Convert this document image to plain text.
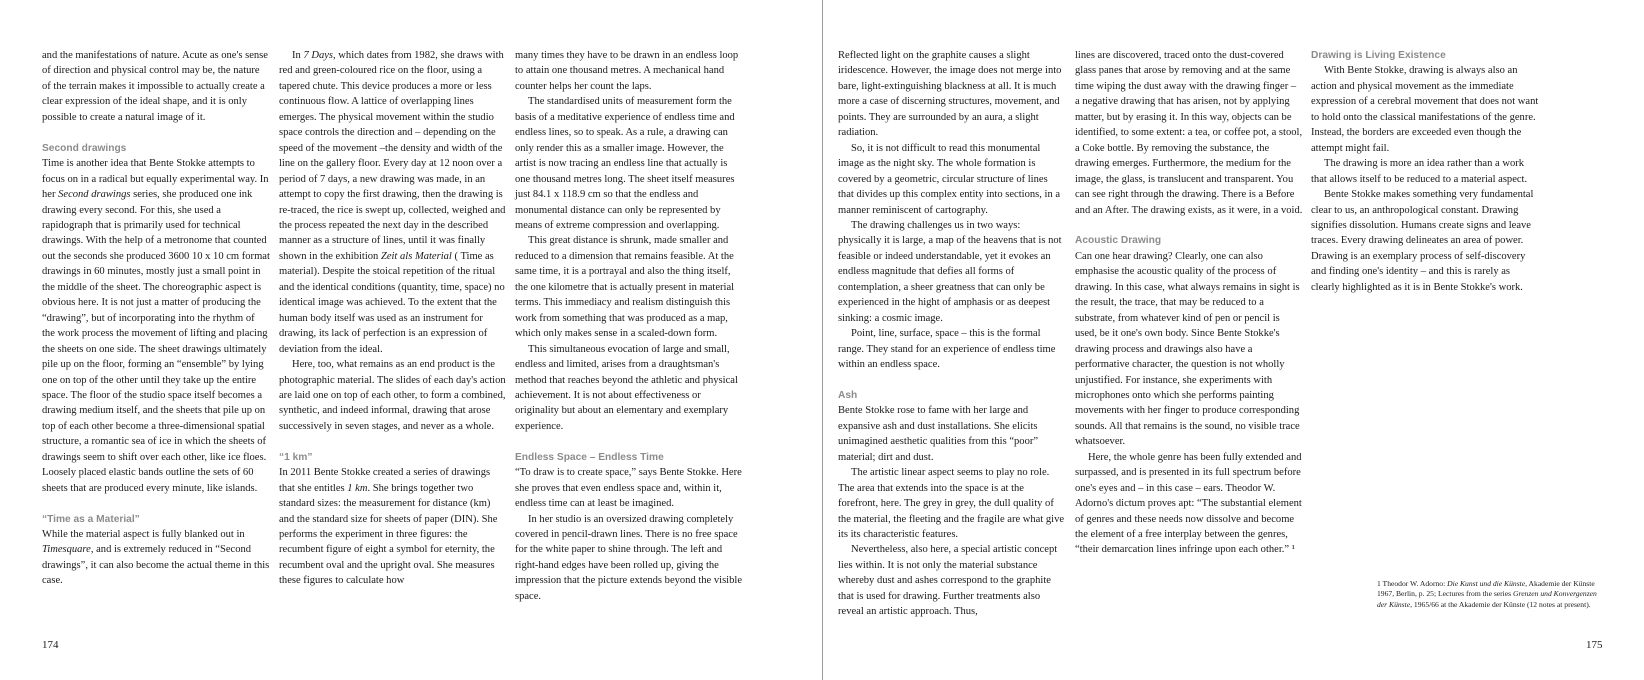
and the manifestations of nature. Acute as one's sense of direction and physical control may be, the nature of the terrain makes it impossible to actually create a clear expression of the ideal shape, and it is only possible to create a natural image of it.

Second drawings

Time is another idea that Bente Stokke attempts to focus on in a radical but equally experimental way. In her Second drawings series, she produced one ink drawing every second. For this, she used a rapidograph that is primarily used for technical drawings. With the help of a metronome that counted out the seconds she produced 3600 10 x 10 cm format drawings in 60 minutes, mostly just a small point in the middle of the sheet. The choreographic aspect is obvious here. It is not just a matter of producing the “drawing”, but of incorporating into the rhythm of the work process the movement of lifting and placing the sheets on one side. The sheet drawings ultimately pile up on the floor, forming an “ensemble” by lying one on top of the other until they take up the entire space. The floor of the studio space itself becomes a drawing medium itself, and the sheets that pile up on top of each other become a three-dimensional spatial structure, a romantic sea of ice in which the sheets of drawings seem to shift over each other, like ice floes. Loosely placed elastic bands outline the sets of 60 sheets that are produced every minute, like islands.

“Time as a Material”

While the material aspect is fully blanked out in Timesquare, and is extremely reduced in “Second drawings”, it can also become the actual theme in this case.

In 7 Days, which dates from 1982, she draws with red and green-coloured rice on the floor, using a tapered chute. This device produces a more or less continuous flow. A lattice of overlapping lines emerges. The physical movement within the studio space controls the direction and – depending on the speed of the movement –the density and width of the line on the gallery floor. Every day at 12 noon over a period of 7 days, a new drawing was made, in an attempt to copy the first drawing, then the drawing is re-traced, the rice is swept up, collected, weighed and the process repeated the next day in the described manner as a structure of lines, until it was finally shown in the exhibition Zeit als Material ( Time as material). Despite the stoical repetition of the ritual and the identical conditions (quantity, time, space) no identical image was achieved. To the extent that the human body itself was used as an instrument for drawing, its lack of perfection is an expression of deviation from the ideal.

Here, too, what remains as an end product is the photographic material. The slides of each day's action are laid one on top of each other, to form a combined, synthetic, and indeed informal, drawing that arose successively in seven stages, and never as a whole.

“1 km”

In 2011 Bente Stokke created a series of drawings that she entitles 1 km. She brings together two standard sizes: the measurement for distance (km) and the standard size for sheets of paper (DIN). She performs the experiment in three figures: the recumbent figure of eight a symbol for eternity, the recumbent oval and the upright oval. She measures these figures to calculate how

many times they have to be drawn in an endless loop to attain one thousand metres. A mechanical hand counter helps her count the laps.

The standardised units of measurement form the basis of a meditative experience of endless time and endless lines, so to speak. As a rule, a drawing can only render this as a smaller image. However, the artist is now tracing an endless line that actually is one thousand metres long. The sheet itself measures just 84.1 x 118.9 cm so that the endless and monumental distance can only be represented by means of extreme compression and overlapping.

This great distance is shrunk, made smaller and reduced to a dimension that remains feasible. At the same time, it is a portrayal and also the thing itself, the one kilometre that is actually present in material terms. This immediacy and realism distinguish this work from something that was produced as a map, which only makes sense in a scaled-down form.

This simultaneous evocation of large and small, endless and limited, arises from a draughtsman's method that reaches beyond the athletic and physical achievement. It is not about effectiveness or originality but about an elementary and exemplary experience.

Endless Space – Endless Time

“To draw is to create space,” says Bente Stokke. Here she proves that even endless space and, within it, endless time can at least be imagined.

In her studio is an oversized drawing completely covered in pencil-drawn lines. There is no free space for the white paper to shine through. The left and right-hand edges have been rolled up, giving the impression that the picture extends beyond the visible space.

174

Reflected light on the graphite causes a slight iridescence. However, the image does not merge into bare, light-extinguishing blackness at all. It is much more a case of discerning structures, movement, and points. They are surrounded by an aura, a slight radiation.

So, it is not difficult to read this monumental image as the night sky. The whole formation is covered by a geometric, circular structure of lines that divides up this complex entity into sections, in a manner reminiscent of cartography.

The drawing challenges us in two ways: physically it is large, a map of the heavens that is not feasible or indeed understandable, yet it evokes an endless magnitude that defies all forms of contemplation, a sheer greatness that can only be experienced in the hight of amphasis or as deepest sinking: a cosmic image.

Point, line, surface, space – this is the formal range. They stand for an experience of endless time within an endless space.

Ash

Bente Stokke rose to fame with her large and expansive ash and dust installations. She elicits unimagined aesthetic qualities from this “poor” material; dirt and dust.

The artistic linear aspect seems to play no role. The area that extends into the space is at the forefront, here. The grey in grey, the dull quality of the material, the fleeting and the fragile are what give its its characteristic features.

Nevertheless, also here, a special artistic concept lies within. It is not only the material substance whereby dust and ashes correspond to the graphite that is used for drawing. Further treatments also reveal an artistic approach. Thus,

lines are discovered, traced onto the dust-covered glass panes that arose by removing and at the same time wiping the dust away with the drawing finger – a negative drawing that has arisen, not by applying matter, but by erasing it. In this way, objects can be identified, to some extent: a tea, or coffee pot, a stool, a Coke bottle. By removing the substance, the drawing emerges. Furthermore, the medium for the image, the glass, is translucent and transparent. You can see right through the drawing. There is a Before and an After. The drawing exists, as it were, in a void.

Acoustic Drawing

Can one hear drawing? Clearly, one can also emphasise the acoustic quality of the process of drawing. In this case, what always remains in sight is the result, the trace, that may be reduced to a substrate, from whatever kind of pen or pencil is used, be it one's own body. Since Bente Stokke's drawing process and drawings also have a performative character, the question is not wholly unjustified. For instance, she experiments with microphones onto which she performs painting movements with her finger to produce corresponding sounds. All that remains is the sound, no visible trace whatsoever.

Here, the whole genre has been fully extended and surpassed, and is presented in its full spectrum before one's eyes and – in this case – ears. Theodor W. Adorno's dictum proves apt: “The substantial element of genres and these needs now dissolve and become the element of a free interplay between the genres, “their demarcation lines infringe upon each other.” ¹

Drawing is Living Existence

With Bente Stokke, drawing is always also an action and physical movement as the immediate expression of a cerebral movement that does not want to hold onto the classical manifestations of the genre. Instead, the borders are exceeded even though the attempt might fail.

The drawing is more an idea rather than a work that allows itself to be reduced to a material aspect.

Bente Stokke makes something very fundamental clear to us, an anthropological constant. Drawing signifies dissolution. Humans create signs and leave traces. Every drawing delineates an area of power. Drawing is an exemplary process of self-discovery and finding one's identity – and this is rarely as clearly highlighted as it is in Bente Stokke's work.

175

1 Theodor W. Adorno: Die Kunst und die Künste, Akademie der Künste 1967, Berlin, p. 25; Lectures from the series Grenzen und Konvergenzen der Künste, 1965/66 at the Akademie der Künste (12 notes at present).
